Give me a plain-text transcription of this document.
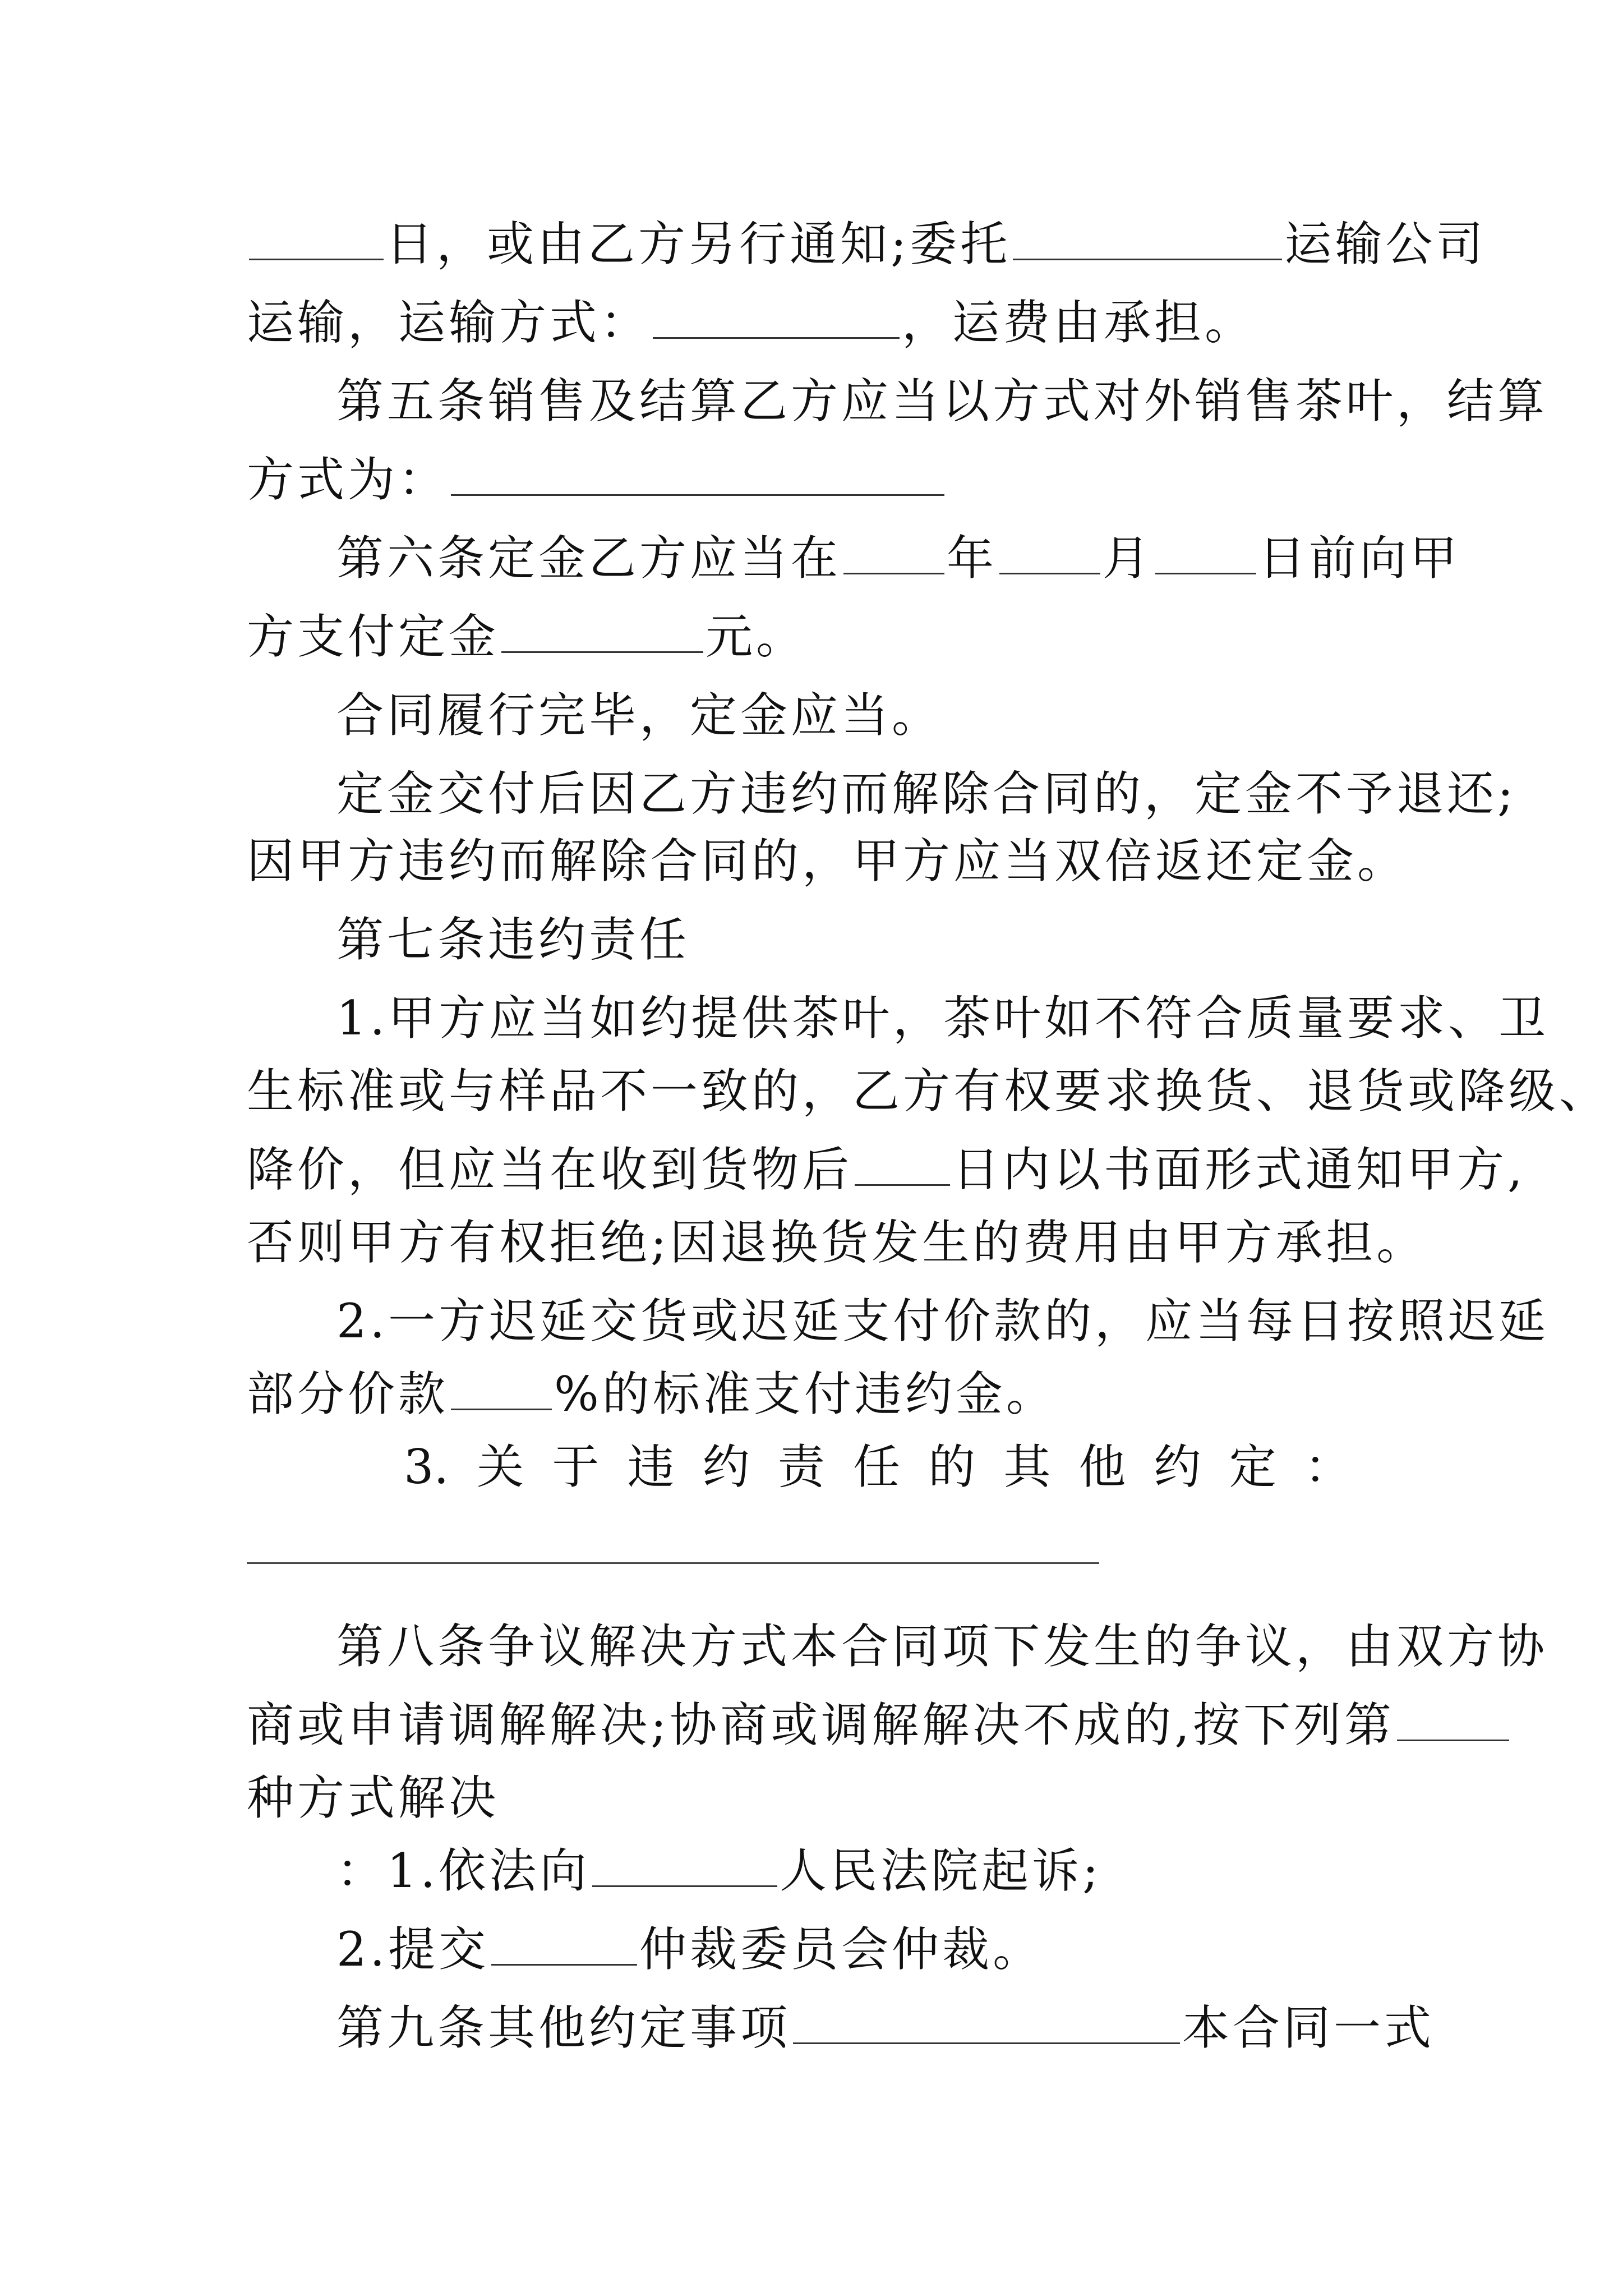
日，或由乙方另行通知;委托	运输公司
运输，运输方式：	，运费由承担。
第五条销售及结算乙方应当以方式对外销售茶叶，结算
方式为：
第六条定金乙方应当在 年 月 日前向甲
方支付定金	元。
合同履行完毕，定金应当。
定金交付后因乙方违约而解除合同的，定金不予退还;
因甲方违约而解除合同的，甲方应当双倍返还定金。
第七条违约责任
1.甲方应当如约提供茶叶，茶叶如不符合质量要求、卫
生标准或与样品不一致的，乙方有权要求换货、退货或降级、
降价，但应当在收到货物后 日内以书面形式通知甲方,
否则甲方有权拒绝;因退换货发生的费用由甲方承担。
2.一方迟延交货或迟延支付价款的，应当每日按照迟延
部分价款 %的标准支付违约金。
3. 关 于 违 约 责 任 的 其 他 约 定 ：
第八条争议解决方式本合同项下发生的争议，由双方协
商或申请调解解决;协商或调解解决不成的,按下列第
种方式解决
：1.依法向	人民法院起诉;
2.提交	仲裁委员会仲裁。
第九条其他约定事项	本合同一式
